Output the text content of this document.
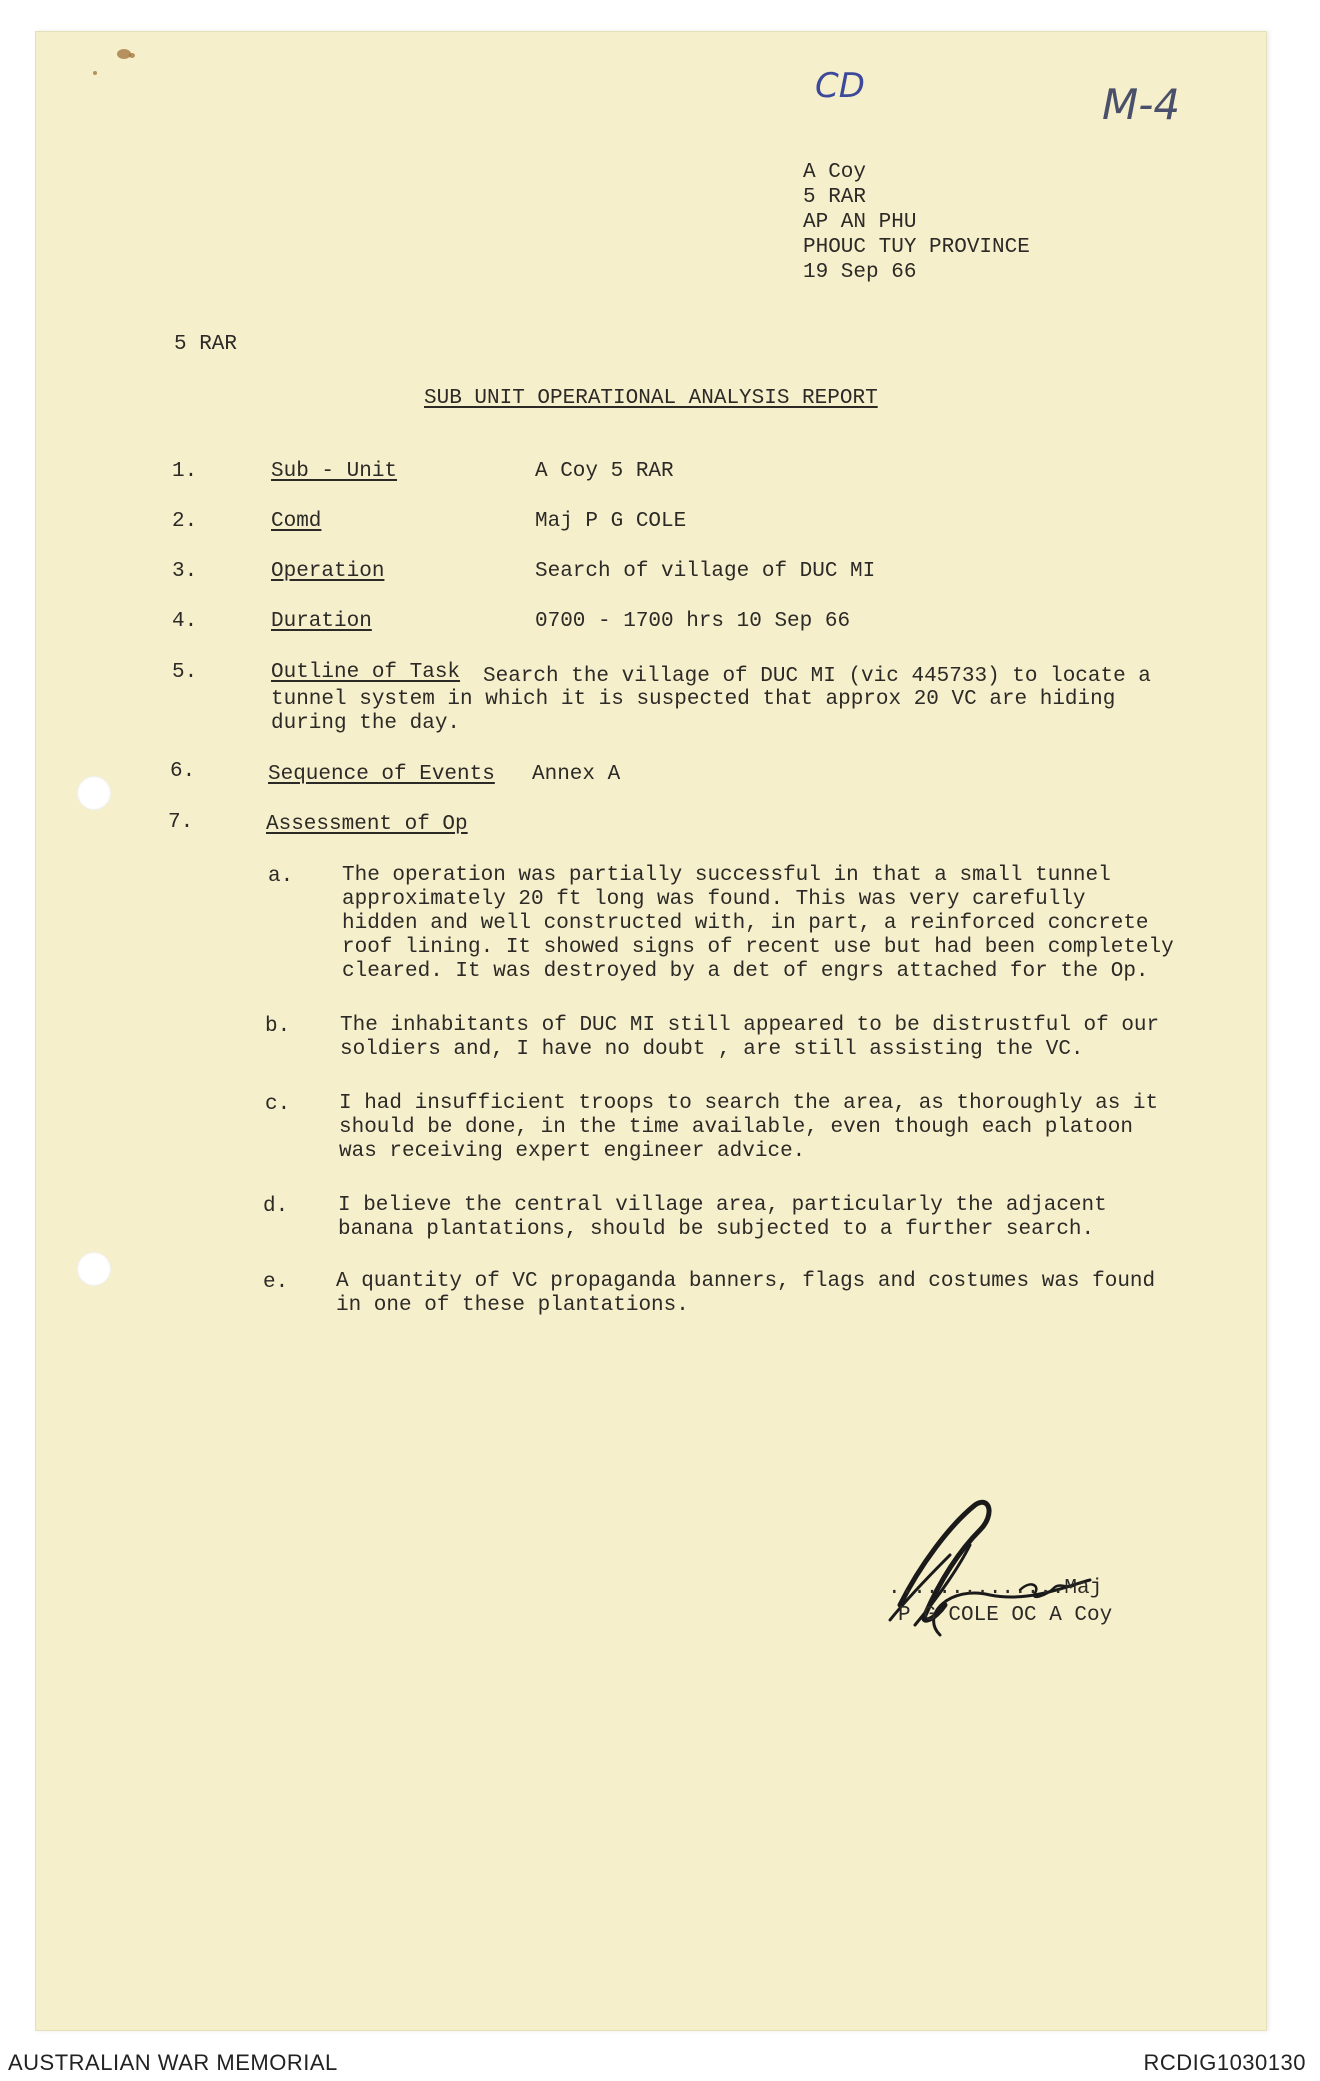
CD	M-4
A Coy
5 RAR
AP AN PHU
PHOUC TUY PROVINCE
19 Sep 66
5 RAR
SUB UNIT OPERATIONAL ANALYSIS REPORT
1.	Sub - Unit	A Coy 5 RAR
2.	Comd	Maj P G COLE
3.	Operation	Search of village of DUC MI
4.	Duration	0700 - 1700 hrs 10 Sep 66
5.	Outline of Task Search the village of DUC MI (vic 445733) to locate a
tunnel system in which it is suspected that approx 20 VC are hiding
during the day.
6.	Sequence of Events Annex A
7.	Assessment of Op
a. The operation was partially successful in that a small tunnel
approximately 20 ft long was found. This was very carefully
hidden and well constructed with, in part, a reinforced concrete
roof lining. It showed signs of recent use but had been completely
cleared. It was destroyed by a det of engrs attached for the Op.
b. The inhabitants of DUC MI still appeared to be distrustful of our
soldiers and, I have no doubt , are still assisting the VC.
c. I had insufficient troops to search the area, as thoroughly as it
should be done, in the time available, even though each platoon
was receiving expert engineer advice.
d. I believe the central village area, particularly the adjacent
banana plantations, should be subjected to a further search.
e. A quantity of VC propaganda banners, flags and costumes was found
in one of these plantations.
..............Maj
P G COLE OC A Coy
AUSTRALIAN WAR MEMORIAL	RCDIG1030130
